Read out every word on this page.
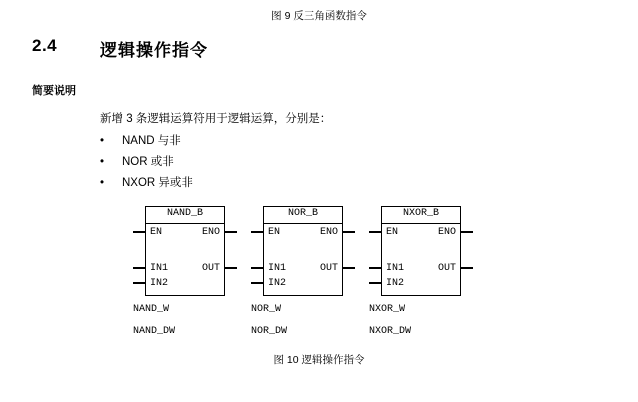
图 9 反三角函数指令
2.4	逻辑操作指令
简要说明
新增 3 条逻辑运算符用于逻辑运算，分别是：
•	NAND 与非
•	NOR 或非
•	NXOR 异或非
NAND_B
EN	ENO
IN1
IN2
OUT
NAND_W
NAND_DW
NOR_B
EN	ENO
IN1
IN2
OUT
NOR_W
NOR_DW
NXOR_B
EN	ENO
IN1
IN2
OUT
NXOR_W
NXOR_DW
图 10 逻辑操作指令
